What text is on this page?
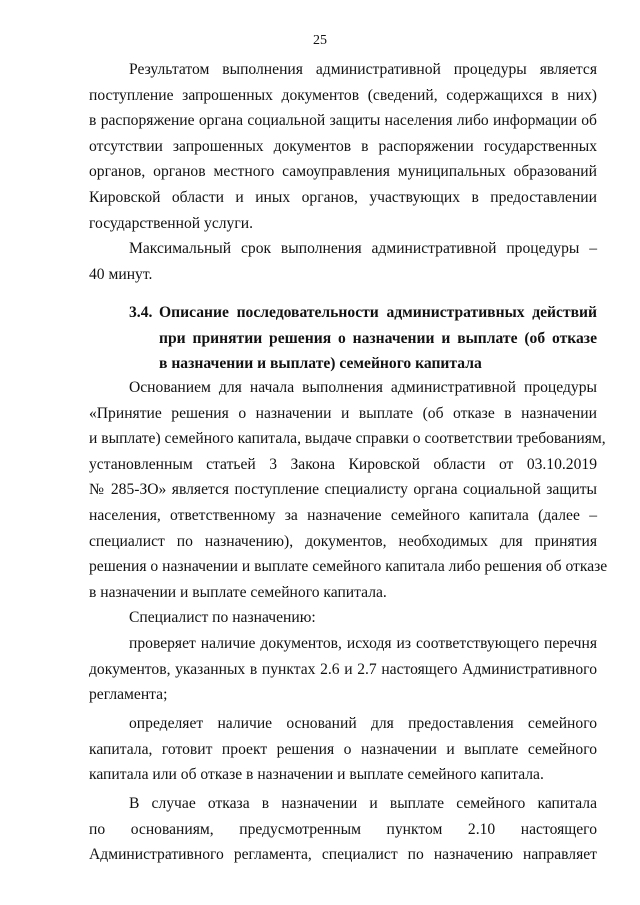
25
Результатом выполнения административной процедуры является
поступление запрошенных документов (сведений, содержащихся в них)
в распоряжение органа социальной защиты населения либо информации об
отсутствии запрошенных документов в распоряжении государственных
органов, органов местного самоуправления муниципальных образований
Кировской области и иных органов, участвующих в предоставлении
государственной услуги.
Максимальный срок выполнения административной процедуры –
40 минут.
3.4. Описание последовательности административных действий
при принятии решения о назначении и выплате (об отказе
в назначении и выплате) семейного капитала
Основанием для начала выполнения административной процедуры
«Принятие решения о назначении и выплате (об отказе в назначении
и выплате) семейного капитала, выдаче справки о соответствии требованиям,
установленным статьей 3 Закона Кировской области от 03.10.2019
№ 285-ЗО» является поступление специалисту органа социальной защиты
населения, ответственному за назначение семейного капитала (далее –
специалист по назначению), документов, необходимых для принятия
решения о назначении и выплате семейного капитала либо решения об отказе
в назначении и выплате семейного капитала.
Специалист по назначению:
проверяет наличие документов, исходя из соответствующего перечня
документов, указанных в пунктах 2.6 и 2.7 настоящего Административного
регламента;
определяет наличие оснований для предоставления семейного
капитала, готовит проект решения о назначении и выплате семейного
капитала или об отказе в назначении и выплате семейного капитала.
В случае отказа в назначении и выплате семейного капитала
по основаниям, предусмотренным пунктом 2.10 настоящего
Административного регламента, специалист по назначению направляет
